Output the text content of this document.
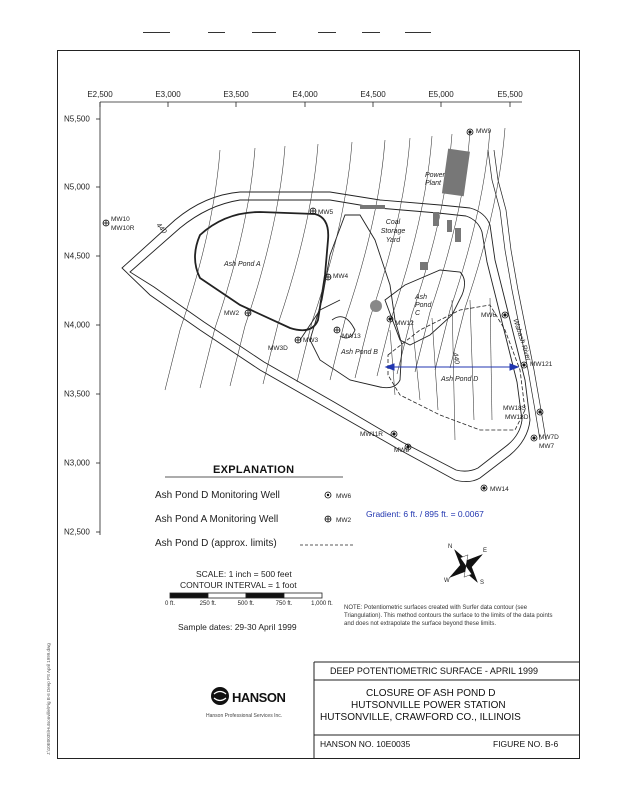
E2,500	E3,000	E3,500	E4,000	E4,500	E5,000	E5,500
N5,500
N5,000
N4,500
N4,000
N3,500
N3,000
N2,500
Power Plant
Coal Storage Yard
Ash Pond A
Ash Pond B
Ash Pond C
Ash Pond D
Wabash River
440
440
MW9
MW10
MW10R
MW5
MW4
MW2
MW3
MW3D
MW13
MW12
MW6
MW121
MW11R
MW8
MW18S
MW18D
MW7D
MW7
MW14
EXPLANATION
Ash Pond D Monitoring Well	MW6
Ash Pond A Monitoring Well	MW2
Ash Pond D (approx. limits)
Gradient: 6 ft. / 895 ft. = 0.0067
SCALE: 1 inch = 500 feet
CONTOUR INTERVAL = 1 foot
0 ft.	250 ft.	500 ft.	750 ft.	1,000 ft.
Sample dates: 29-30 April 1999
N
S
E
W
NOTE: Potentiometric surfaces created with Surfer data contour (see Triangulation). This method contours the surface to the limits of the data points and does not extrapolate the surface beyond these limits.
DEEP POTENTIOMETRIC SURFACE - APRIL 1999
HANSON
Hanson Professional Services Inc.
CLOSURE OF ASH POND D
HUTSONVILLE POWER STATION
HUTSONVILLE, CRAWFORD CO., ILLINOIS
HANSON NO. 10E0035	FIGURE NO. B-6
J:\10E0035\Hutsonville\Fig B-6 Deep PS April 1999.dwg
